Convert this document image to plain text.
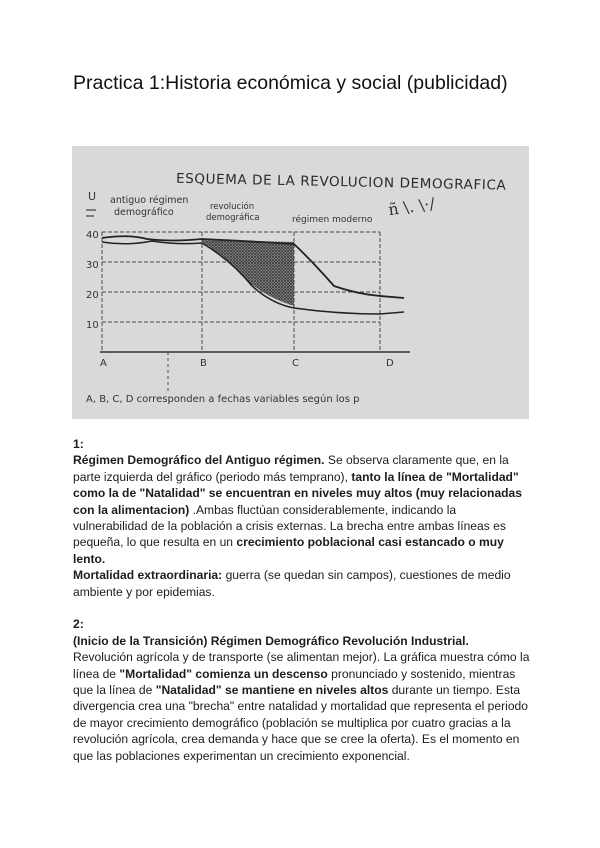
Practica 1:Historia económica y social (publicidad)
ESQUEMA DE LA REVOLUCION DEMOGRAFICA
ñ \. \·/
U antiguo régimen demográfico	revolución demográfica	régimen moderno
40
30
20
10
A	B	C	D
A, B, C, D corresponden a fechas variables según los p

1:

Régimen Demográfico del Antiguo régimen. Se observa claramente que, en la parte izquierda del gráfico (periodo más temprano), tanto la línea de "Mortalidad" como la de "Natalidad" se encuentran en niveles muy altos (muy relacionadas con la alimentacion) .Ambas fluctúan considerablemente, indicando la vulnerabilidad de la población a crisis externas. La brecha entre ambas líneas es pequeña, lo que resulta en un crecimiento poblacional casi estancado o muy lento.

Mortalidad extraordinaria: guerra (se quedan sin campos), cuestiones de medio ambiente y por epidemias.

2:

(Inicio de la Transición) Régimen Demográfico Revolución Industrial.

Revolución agrícola y de transporte (se alimentan mejor). La gráfica muestra cómo la línea de "Mortalidad" comienza un descenso pronunciado y sostenido, mientras que la línea de "Natalidad" se mantiene en niveles altos durante un tiempo. Esta divergencia crea una "brecha" entre natalidad y mortalidad que representa el periodo de mayor crecimiento demográfico (población se multiplica por cuatro gracias a la revolución agrícola, crea demanda y hace que se cree la oferta). Es el momento en que las poblaciones experimentan un crecimiento exponencial.
